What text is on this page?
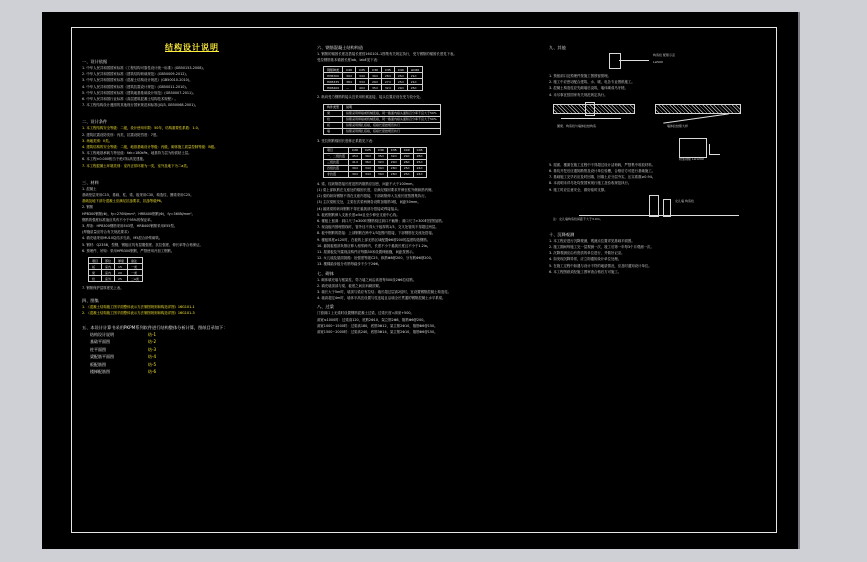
结构设计说明
一、设计依据
1. 中华人民共和国国家标准《工程结构可靠性设计统一标准》(GB50153-2008)。
2. 中华人民共和国国家标准《建筑结构荷载规范》(GB50009-2012)。
3. 中华人民共和国国家标准《混凝土结构设计规范》(GB50010-2010)。
4. 中华人民共和国国家标准《建筑抗震设计规范》(GB50011-2010)。
5. 中华人民共和国国家标准《建筑地基基础设计规范》(GB50007-2011)。
6. 中华人民共和国行业标准《高层建筑混凝土结构技术规程》。
7. 本工程结构设计遵照的其他现行国家规范和标准(JGJ3, GB50068-2001)。
二、设计条件
1. 本工程结构安全等级：二级，设计使用年限：50年，结构重要性系数：1.0。
2. 建筑抗震设防类别：丙类，抗震设防烈度：7度。
3. 场地类别：II类。
4. 建筑结构的安全等级：二级，地基基础设计等级：丙级，砌体施工质量控制等级：B级。
5. 本工程地基承载力特征值：fak=180kPa，地基持力层为粉质粘土层。
6. 本工程±0.000相当于绝对标高见建施。
7. 本工程混凝土环境类别：室内正常环境为一类，室外及地下为二a类。
三、材料
1. 混凝土
基础垫层采用C15，基础、柱、梁、板采用C30，构造柱、圈梁采用C25。
基础及地下部分混凝土应满足抗渗要求，抗渗等级P6。
2. 钢筋
HPB300钢筋(Φ)，fy=270N/mm²；HRB400钢筋(Φ)，fy=360N/mm²。
钢筋的强度标准值应具有不小于95%的保证率。
3. 焊条：HPB300钢筋采用E43型，HRB400钢筋采用E55型。
(焊缝质量应符合有关规范要求)
4. 填充墙采用MU10烧结多孔砖，M5混合砂浆砌筑。
5. 钢材：Q235B，型钢、钢板应具有屈服强度、抗拉强度、伸长率等合格保证。
6. 预埋件、吊钩：采用HPB300钢筋，严禁使用冷加工钢筋。
项目	部位	厚度	备注
板	室内	15	一类
梁	室内	20	一类
柱	室外	25	二a类
7. 钢筋保护层厚度见上表。
四、图集
1. 《混凝土结构施工图平面整体表示方法制图规则和构造详图》16G101-1
2. 《混凝土结构施工图平面整体表示方法制图规则和构造详图》16G101-3
五、本设计计算书采用PKPM系列软件进行结构整体分析计算，图纸目录如下：
结构设计说明	结-1
基础平面图	结-2
柱平面图	结-3
梁配筋平面图	结-4
板配筋图	结-5
楼梯配筋图	结-6
六、钢筋混凝土结构构造
1. 钢筋的锚固长度及搭接长度按16G101-1图集有关规定执行，受力钢筋的锚固长度见下表。
受拉钢筋基本锚固长度lab、labE见下表：
钢筋种类	C20	C25	C30	C35	C40	≥C60
HPB300	39d	34d	30d	28d	25d	21d
HRB335	38d	33d	29d	27d	25d	21d
HRB400	—	40d	35d	32d	29d	25d
2. 纵向受力钢筋的接头宜采用机械连接，接头位置应设在受力较小处。
构件类型	说明
梁	纵筋采用焊接或机械连接，同一截面内接头面积百分率不宜大于50%
柱	纵筋采用焊接或机械连接，同一截面内接头面积百分率不宜大于50%
板	纵筋采用绑扎搭接，搭接长度按规范执行
墙	纵筋采用绑扎搭接，搭接长度按规范执行
3. 受拉钢筋锚固长度修正系数见下表：
项目	C20	C25	C30	C35	C40	C45
一、二级抗震	45d	39d	35d	32d	29d	28d
三级抗震	41d	36d	32d	29d	26d	25d
四级抗震	39d	34d	30d	28d	25d	24d
非抗震	39d	34d	30d	28d	25d	24d
4. 梁、柱纵筋搭接长度范围内箍筋应加密，间距不大于100mm。
(1) 梁上部纵筋在支座处的锚固长度，应满足锚固要求并伸至柱外侧纵筋内侧。
(2) 梁的纵向钢筋不得在支座内搭接，下部纵筋伸入支座长度按图集执行。
(3) 主次梁相交处，主梁在次梁两侧各设附加箍筋3根，间距50mm。
(4) 悬挑梁的纵向钢筋不得在悬挑部分搭接或焊接接头。
5. 板底钢筋伸入支座长度≥5d且至少伸至支座中心线。
6. 楼板上留洞：洞口尺寸≤300时钢筋绕过洞口不截断；洞口尺寸>300时按图加筋。
7. 现浇板内预埋管线时，管外径不得大于板厚的1/3，交叉处管线不得超过两层。
8. 板中钢筋的搭接：上部钢筋在跨中1/3范围内搭接，下部钢筋在支座处搭接。
9. 楼板厚度≥120时，在板的上部无筋区域配置Φ6@200的温度构造钢筋。
10. 悬挑板根部负筋应伸入相邻跨内，长度不小于悬挑长度且不小于1.2la。
11. 屋面板及外露现浇构件应每隔30米设置伸缩缝，间距按图示。
12. 女儿墙及屋面挑檐：砼强度等级C25，纵筋Φ8@200，分布筋Φ6@200。
13. 楼梯踏步板分布筋每踏步不少于2Φ6。
七、砌体
1. 砌体填充墙与框架柱、剪力墙之间沿高度每500设2Φ6拉结筋。
2. 填充墙顶部与梁、板底之间应斜砌顶紧。
3. 墙长大于5m时，墙顶与梁应有拉结；墙长超过层高2倍时，宜设置钢筋混凝土构造柱。
4. 墙高超过4m时，墙体半高宜设置与柱连接且沿墙全长贯通的钢筋混凝土水平系梁。
八、过梁
门窗洞口上无梁时设置钢筋混凝土过梁，过梁长度=洞宽+500。
洞宽≤1000时：过梁高120，底筋2Φ10，架立筋2Φ8，箍筋Φ6@200。
洞宽1000~1500时：过梁高180，底筋3Φ12，架立筋2Φ10，箍筋Φ6@150。
洞宽1500~2000时：过梁高240，底筋3Φ14，架立筋2Φ10，箍筋Φ6@150。
九、其他
构造柱 配筋示意
L≥500
1. 预留洞口及预埋件按施工图预留预埋。
2. 施工中应密切配合建筑、水、暖、电各专业图纸施工。
3. 混凝土构造柱应先砌墙后浇筑，墙体砌成马牙槎。
4. 未尽事宜按国家有关规范规定执行。
圈梁、构造柱与墙体拉结构造	墙体拉结筋大样
附加钢筋 L≥1200
5. 屋面、楼面在施工过程中不得超过设计活荷载，严禁集中堆放材料。
6. 基坑开挖后应通知勘察及设计单位验槽，合格后方可进行基础施工。
7. 基础施工完毕后应及时回填，回填土应分层夯实，压实系数≥0.94。
8. 本说明未详尽处均按国家现行施工及验收规范执行。
9. 施工时应注意安全，做好临时支撑。
女儿墙 构造柱
注：女儿墙构造柱间距不大于3.0m。
十、沉降观测
1. 本工程应进行沉降观测，观测点位置详见基础平面图。
2. 施工期间每施工完一层观测一次，竣工后第一年每3个月观测一次。
3. 沉降观测应由有资质的单位进行，并做好记录。
4. 如发现沉降异常，应立即通知设计单位处理。
5. 在施工过程中如遇与设计不符的地质情况，应及时通知设计单位。
6. 本工程图纸须经施工图审查合格后方可施工。
